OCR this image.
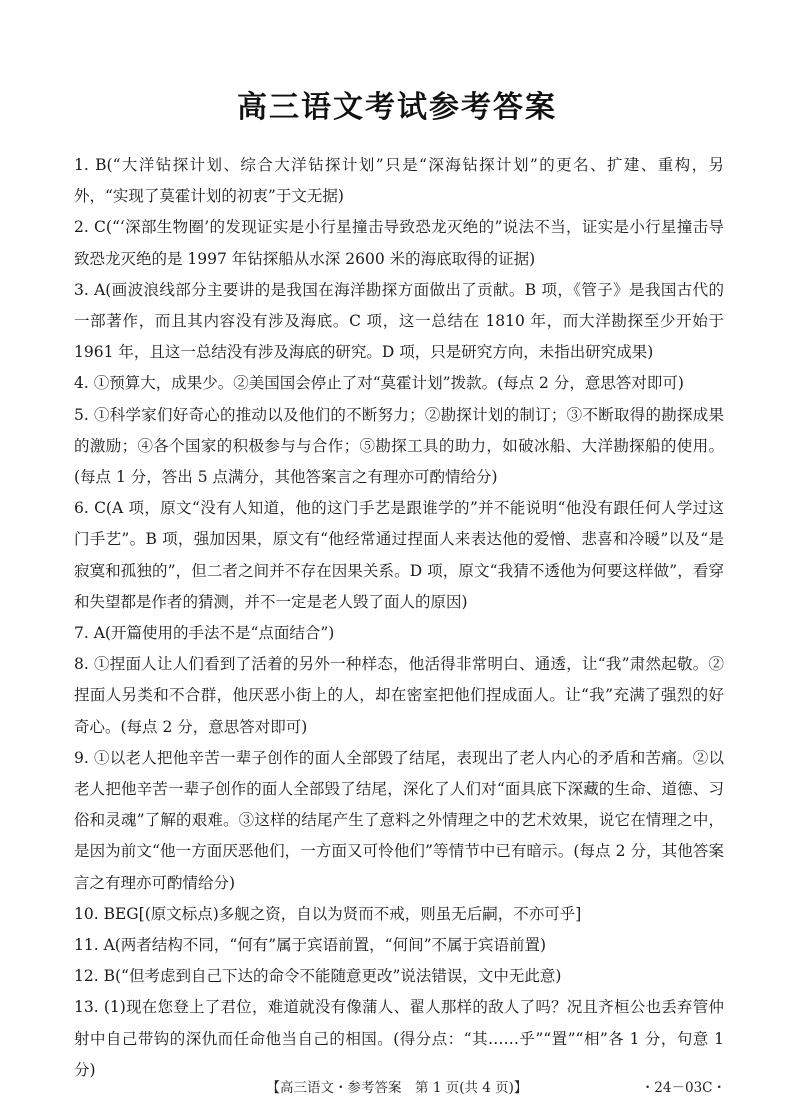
高三语文考试参考答案

1. B(“大洋钻探计划、综合大洋钻探计划”只是“深海钻探计划”的更名、扩建、重构，另外，“实现了莫霍计划的初衷”于文无据)

2. C(“‘深部生物圈’的发现证实是小行星撞击导致恐龙灭绝的”说法不当，证实是小行星撞击导致恐龙灭绝的是 1997 年钻探船从水深 2600 米的海底取得的证据)

3. A(画波浪线部分主要讲的是我国在海洋勘探方面做出了贡献。B 项，《管子》是我国古代的一部著作，而且其内容没有涉及海底。C 项，这一总结在 1810 年，而大洋勘探至少开始于 1961 年，且这一总结没有涉及海底的研究。D 项，只是研究方向，未指出研究成果)

4. ①预算大，成果少。②美国国会停止了对“莫霍计划”拨款。(每点 2 分，意思答对即可)

5. ①科学家们好奇心的推动以及他们的不断努力；②勘探计划的制订；③不断取得的勘探成果的激励；④各个国家的积极参与与合作；⑤勘探工具的助力，如破冰船、大洋勘探船的使用。(每点 1 分，答出 5 点满分，其他答案言之有理亦可酌情给分)

6. C(A 项，原文“没有人知道，他的这门手艺是跟谁学的”并不能说明“他没有跟任何人学过这门手艺”。B 项，强加因果，原文有“他经常通过捏面人来表达他的爱憎、悲喜和冷暖”以及“是寂寞和孤独的”，但二者之间并不存在因果关系。D 项，原文“我猜不透他为何要这样做”，看穿和失望都是作者的猜测，并不一定是老人毁了面人的原因)

7. A(开篇使用的手法不是“点面结合”)

8. ①捏面人让人们看到了活着的另外一种样态，他活得非常明白、通透，让“我”肃然起敬。②捏面人另类和不合群，他厌恶小街上的人，却在密室把他们捏成面人。让“我”充满了强烈的好奇心。(每点 2 分，意思答对即可)

9. ①以老人把他辛苦一辈子创作的面人全部毁了结尾，表现出了老人内心的矛盾和苦痛。②以老人把他辛苦一辈子创作的面人全部毁了结尾，深化了人们对“面具底下深藏的生命、道德、习俗和灵魂”了解的艰难。③这样的结尾产生了意料之外情理之中的艺术效果，说它在情理之中，是因为前文“他一方面厌恶他们，一方面又可怜他们”等情节中已有暗示。(每点 2 分，其他答案言之有理亦可酌情给分)

10. BEG[(原文标点)多舰之资，自以为贤而不戒，则虽无后嗣，不亦可乎]

11. A(两者结构不同，“何有”属于宾语前置，“何间”不属于宾语前置)

12. B(“但考虑到自己下达的命令不能随意更改”说法错误，文中无此意)

13. (1)现在您登上了君位，难道就没有像蒲人、翟人那样的敌人了吗？况且齐桓公也丢弃管仲射中自己带钩的深仇而任命他当自己的相国。(得分点：“其……乎”“置”“相”各 1 分，句意 1 分)

【高三语文・参考答案　第 1 页(共 4 页)】	・24－03C・
